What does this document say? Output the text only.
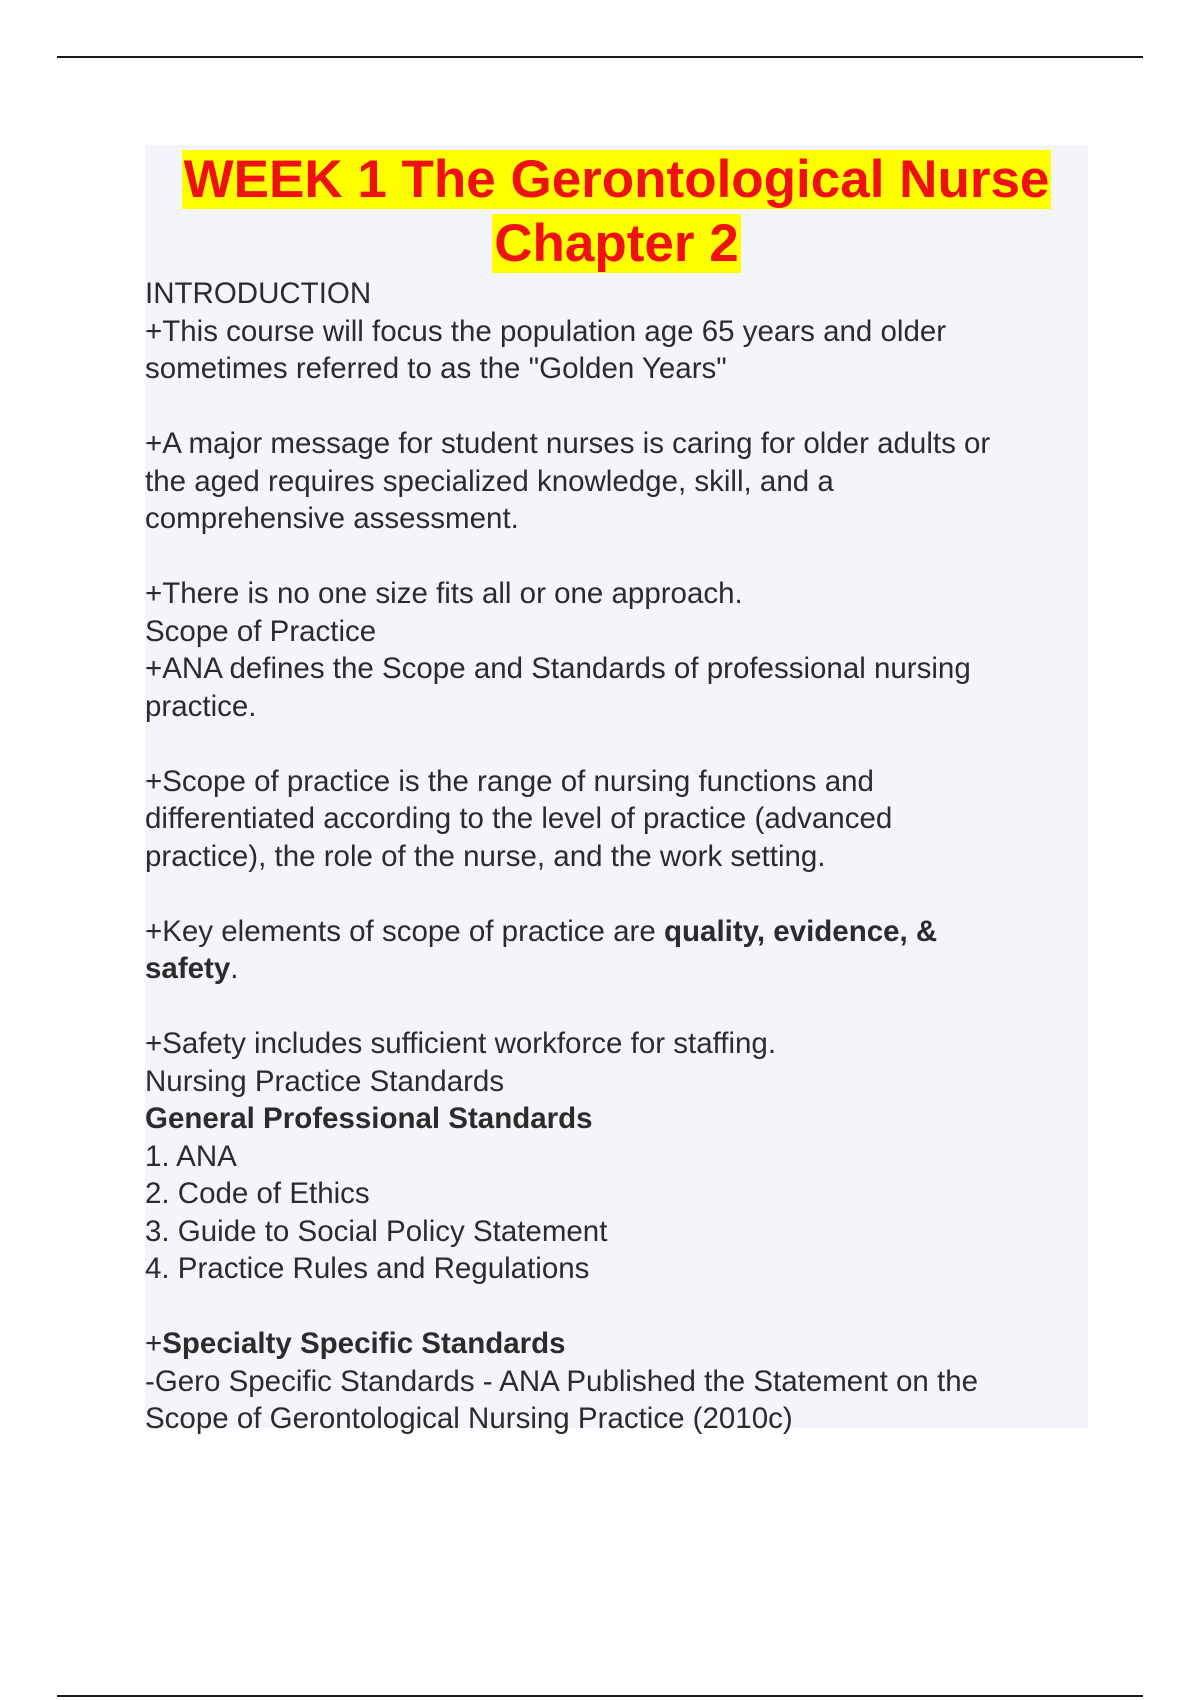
WEEK 1 The Gerontological Nurse
Chapter 2

INTRODUCTION

+This course will focus the population age 65 years and older

sometimes referred to as the "Golden Years"

+A major message for student nurses is caring for older adults or

the aged requires specialized knowledge, skill, and a

comprehensive assessment.

+There is no one size fits all or one approach.

Scope of Practice

+ANA defines the Scope and Standards of professional nursing

practice.

+Scope of practice is the range of nursing functions and

differentiated according to the level of practice (advanced

practice), the role of the nurse, and the work setting.

+Key elements of scope of practice are quality, evidence, &

safety.

+Safety includes sufficient workforce for staffing.

Nursing Practice Standards

General Professional Standards

1. ANA

2. Code of Ethics

3. Guide to Social Policy Statement

4. Practice Rules and Regulations

+Specialty Specific Standards

-Gero Specific Standards - ANA Published the Statement on the

Scope of Gerontological Nursing Practice (2010c)
